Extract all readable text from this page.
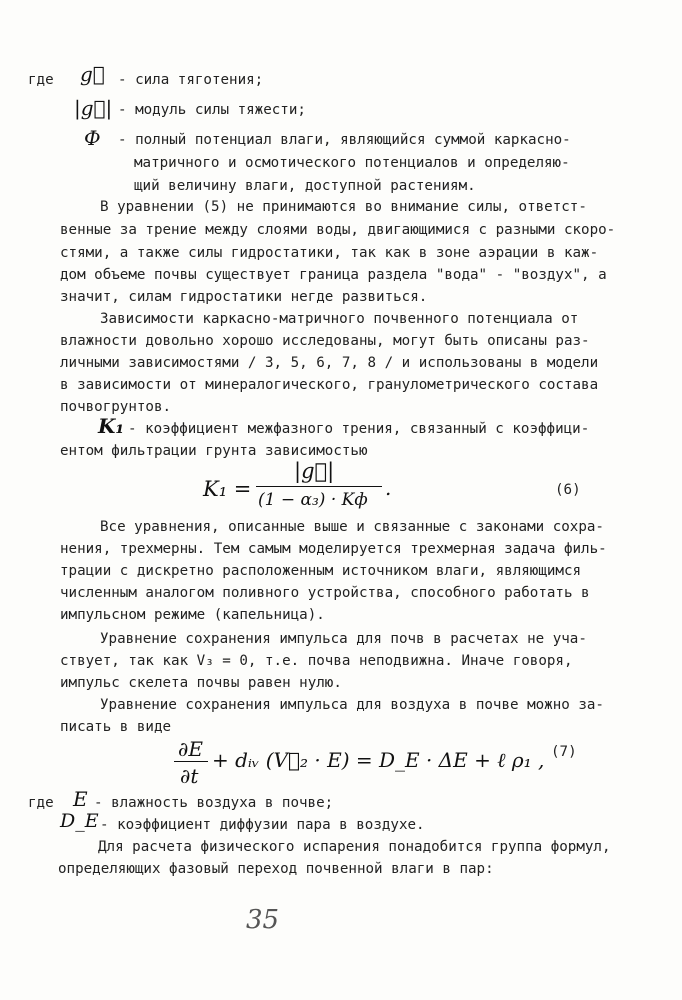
где g⃗ - сила тяготения;
|g⃗| - модуль силы тяжести;
Ф - полный потенциал влаги, являющийся суммой каркасно-
матричного и осмотического потенциалов и определяю-
щий величину влаги, доступной растениям.
В уравнении (5) не принимаются во внимание силы, ответст-
венные за трение между слоями воды, двигающимися с разными скоро-
стями, а также силы гидростатики, так как в зоне аэрации в каж-
дом объеме почвы существует граница раздела "вода" - "воздух", а
значит, силам гидростатики негде развиться.
Зависимости каркасно-матричного почвенного потенциала от
влажности довольно хорошо исследованы, могут быть описаны раз-
личными зависимостями / 3, 5, 6, 7, 8 / и использованы в модели
в зависимости от минералогического, гранулометрического состава
почвогрунтов.
K₁ - коэффициент межфазного трения, связанный с коэффици-
ентом фильтрации грунта зависимостью
K₁ =
|g⃗|
(1 − α₃) · Kф .	(6)
Все уравнения, описанные выше и связанные с законами сохра-
нения, трехмерны. Тем самым моделируется трехмерная задача филь-
трации с дискретно расположенным источником влаги, являющимся
численным аналогом поливного устройства, способного работать в
импульсном режиме (капельница).
Уравнение сохранения импульса для почв в расчетах не уча-
ствует, так как V₃ = 0, т.е. почва неподвижна. Иначе говоря,
импульс скелета почвы равен нулю.
Уравнение сохранения импульса для воздуха в почве можно за-
писать в виде
∂E
∂t
+ dᵢᵥ (V⃗₂ · E) = D_E · ΔE + ℓ ρ₁ , (7)
где E - влажность воздуха в почве;
D_E - коэффициент диффузии пара в воздухе.
Для расчета физического испарения понадобится группа формул,
определяющих фазовый переход почвенной влаги в пар:
35
